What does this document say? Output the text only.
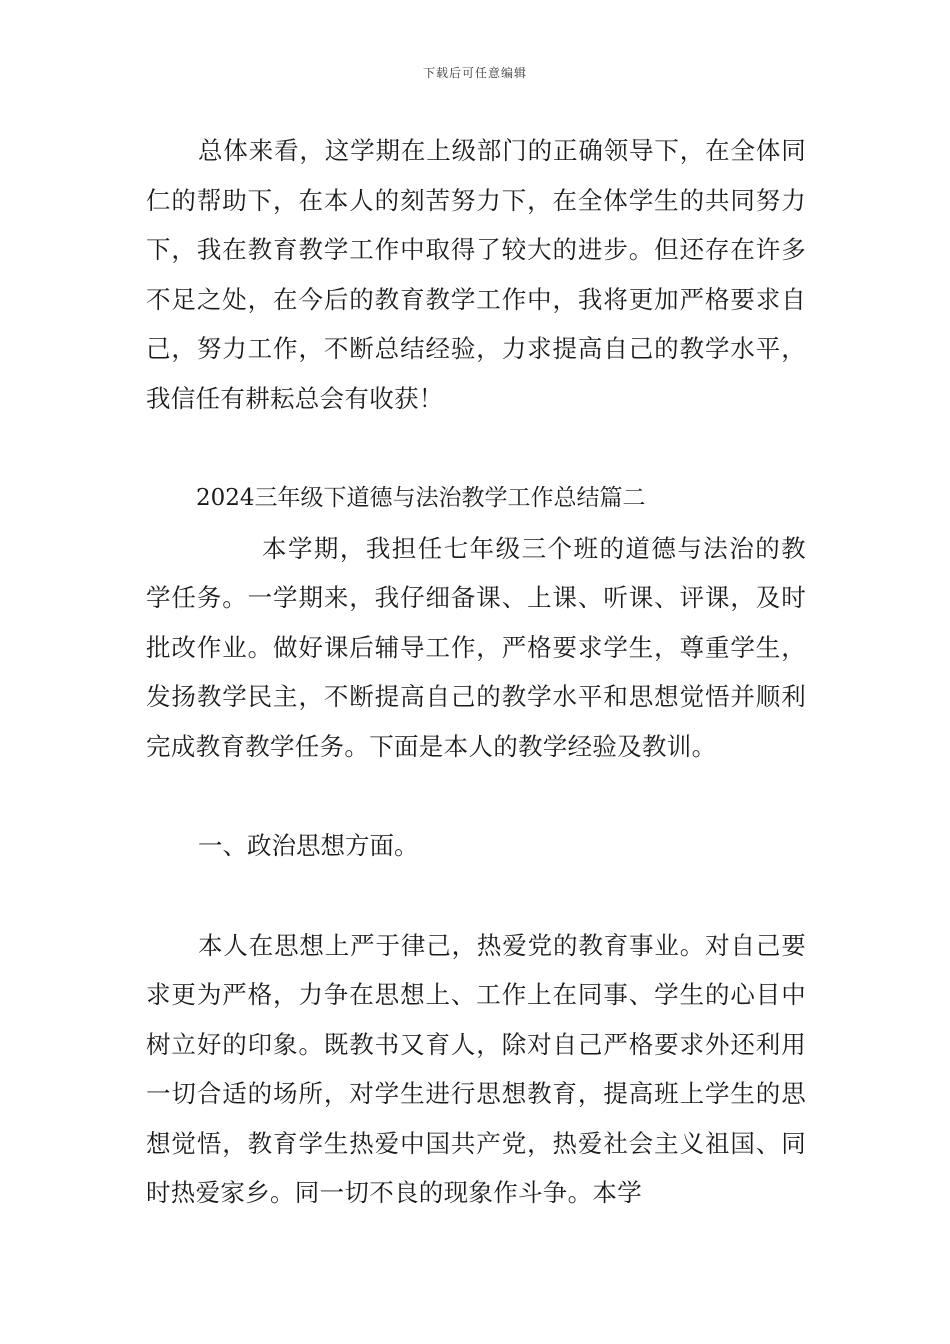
下载后可任意编辑

总体来看，这学期在上级部门的正确领导下，在全体同仁的帮助下，在本人的刻苦努力下，在全体学生的共同努力下，我在教育教学工作中取得了较大的进步。但还存在许多不足之处，在今后的教育教学工作中，我将更加严格要求自己，努力工作，不断总结经验，力求提高自己的教学水平，我信任有耕耘总会有收获！

2024三年级下道德与法治教学工作总结篇二

本学期，我担任七年级三个班的道德与法治的教学任务。一学期来，我仔细备课、上课、听课、评课，及时批改作业。做好课后辅导工作，严格要求学生，尊重学生，发扬教学民主，不断提高自己的教学水平和思想觉悟并顺利完成教育教学任务。下面是本人的教学经验及教训。

一、政治思想方面。

本人在思想上严于律己，热爱党的教育事业。对自己要求更为严格，力争在思想上、工作上在同事、学生的心目中树立好的印象。既教书又育人，除对自己严格要求外还利用一切合适的场所，对学生进行思想教育，提高班上学生的思想觉悟，教育学生热爱中国共产党，热爱社会主义祖国、同时热爱家乡。同一切不良的现象作斗争。本学
